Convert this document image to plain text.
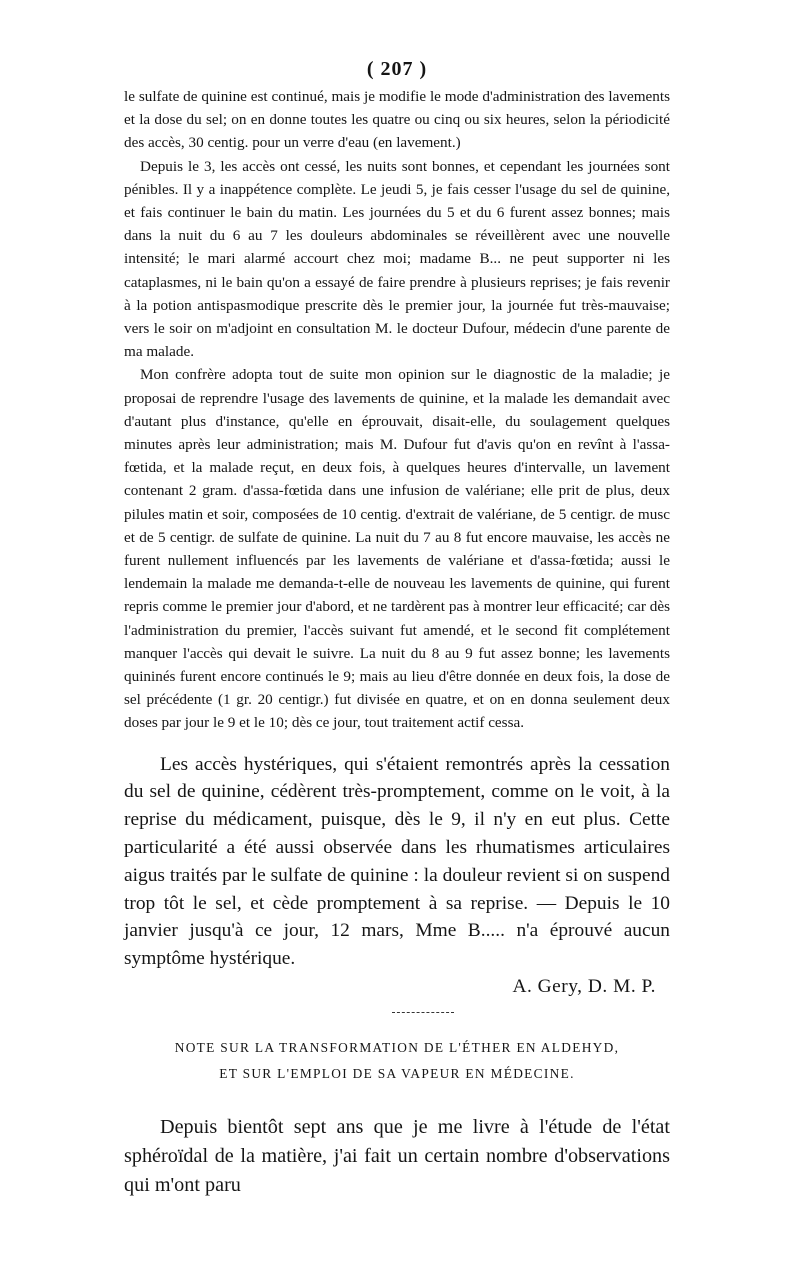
( 207 )

le sulfate de quinine est continué, mais je modifie le mode d'administration des lavements et la dose du sel; on en donne toutes les quatre ou cinq ou six heures, selon la périodicité des accès, 30 centig. pour un verre d'eau (en lavement.)

Depuis le 3, les accès ont cessé, les nuits sont bonnes, et cependant les journées sont pénibles. Il y a inappétence complète. Le jeudi 5, je fais cesser l'usage du sel de quinine, et fais continuer le bain du matin. Les journées du 5 et du 6 furent assez bonnes; mais dans la nuit du 6 au 7 les douleurs abdominales se réveillèrent avec une nouvelle intensité; le mari alarmé accourt chez moi; madame B... ne peut supporter ni les cataplasmes, ni le bain qu'on a essayé de faire prendre à plusieurs reprises; je fais revenir à la potion antispasmodique prescrite dès le premier jour, la journée fut très-mauvaise; vers le soir on m'adjoint en consultation M. le docteur Dufour, médecin d'une parente de ma malade.

Mon confrère adopta tout de suite mon opinion sur le diagnostic de la maladie; je proposai de reprendre l'usage des lavements de quinine, et la malade les demandait avec d'autant plus d'instance, qu'elle en éprouvait, disait-elle, du soulagement quelques minutes après leur administration; mais M. Dufour fut d'avis qu'on en revînt à l'assa-fœtida, et la malade reçut, en deux fois, à quelques heures d'intervalle, un lavement contenant 2 gram. d'assa-fœtida dans une infusion de valériane; elle prit de plus, deux pilules matin et soir, composées de 10 centig. d'extrait de valériane, de 5 centigr. de musc et de 5 centigr. de sulfate de quinine. La nuit du 7 au 8 fut encore mauvaise, les accès ne furent nullement influencés par les lavements de valériane et d'assa-fœtida; aussi le lendemain la malade me demanda-t-elle de nouveau les lavements de quinine, qui furent repris comme le premier jour d'abord, et ne tardèrent pas à montrer leur efficacité; car dès l'administration du premier, l'accès suivant fut amendé, et le second fit complétement manquer l'accès qui devait le suivre. La nuit du 8 au 9 fut assez bonne; les lavements quininés furent encore continués le 9; mais au lieu d'être donnée en deux fois, la dose de sel précédente (1 gr. 20 centigr.) fut divisée en quatre, et on en donna seulement deux doses par jour le 9 et le 10; dès ce jour, tout traitement actif cessa.

Les accès hystériques, qui s'étaient remontrés après la cessation du sel de quinine, cédèrent très-promptement, comme on le voit, à la reprise du médicament, puisque, dès le 9, il n'y en eut plus. Cette particularité a été aussi observée dans les rhumatismes articulaires aigus traités par le sulfate de quinine : la douleur revient si on suspend trop tôt le sel, et cède promptement à sa reprise. — Depuis le 10 janvier jusqu'à ce jour, 12 mars, Mme B..... n'a éprouvé aucun symptôme hystérique.

A. Gery, D. M. P.

NOTE SUR LA TRANSFORMATION DE L'ÉTHER EN ALDEHYD,
ET SUR L'EMPLOI DE SA VAPEUR EN MÉDECINE.

Depuis bientôt sept ans que je me livre à l'étude de l'état sphéroïdal de la matière, j'ai fait un certain nombre d'observations qui m'ont paru
